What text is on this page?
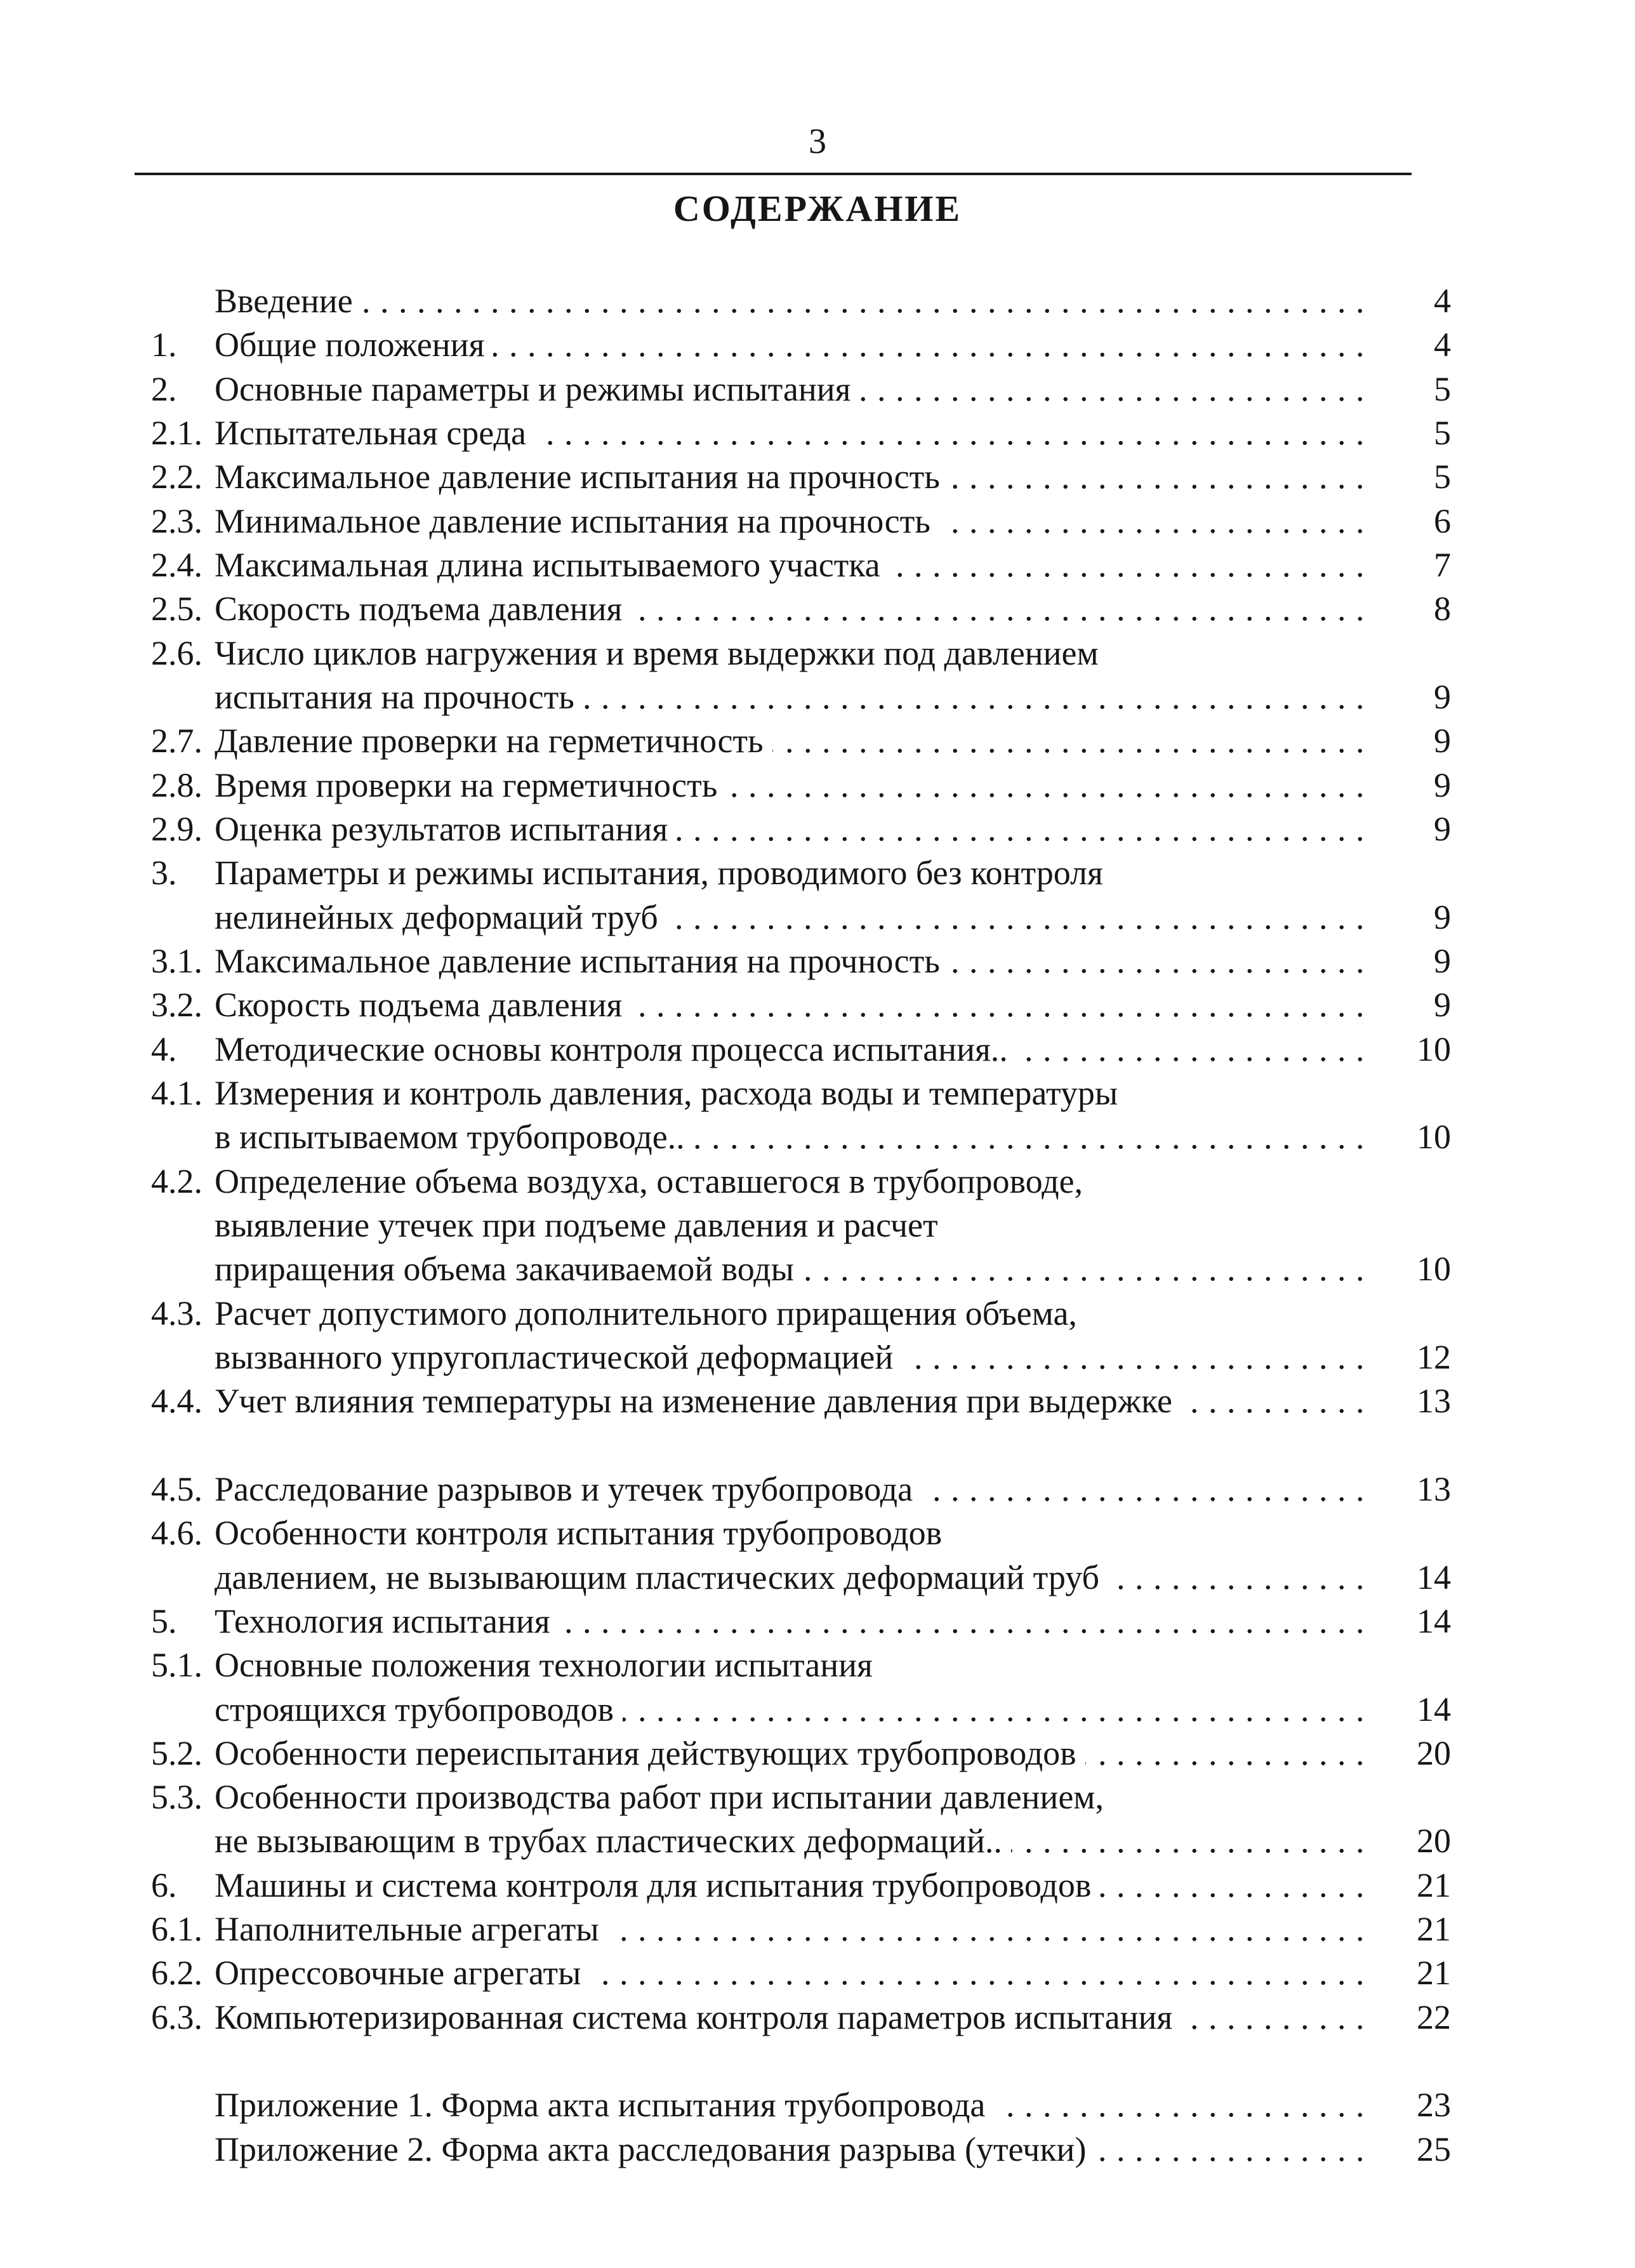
3
СОДЕРЖАНИЕ
Введение . . .	4
1. Общие положения . . .	4
2. Основные параметры и режимы испытания . . .	5
2.1. Испытательная среда . . .	5
2.2. Максимальное давление испытания на прочность . . .	5
2.3. Минимальное давление испытания на прочность . . .	6
2.4. Максимальная длина испытываемого участка . . .	7
2.5. Скорость подъема давления . . .	8
2.6. Число циклов нагружения и время выдержки под давлением
испытания на прочность . . .	9
2.7. Давление проверки на герметичность . . .	9
2.8. Время проверки на герметичность . . .	9
2.9. Оценка результатов испытания . . .	9
3. Параметры и режимы испытания, проводимого без контроля
нелинейных деформаций труб . . .	9
3.1. Максимальное давление испытания на прочность . . .	9
3.2. Скорость подъема давления . . .	9
4. Методические основы контроля процесса испытания.. . . .	10
4.1. Измерения и контроль давления, расхода воды и температуры
в испытываемом трубопроводе.. . . .	10
4.2. Определение объема воздуха, оставшегося в трубопроводе,
выявление утечек при подъеме давления и расчет
приращения объема закачиваемой воды . . .	10
4.3. Расчет допустимого дополнительного приращения объема,
вызванного упругопластической деформацией . . .	12
4.4. Учет влияния температуры на изменение давления при выдержке . . .	13
4.5. Расследование разрывов и утечек трубопровода . . .	13
4.6. Особенности контроля испытания трубопроводов
давлением, не вызывающим пластических деформаций труб . . .	14
5. Технология испытания . . .	14
5.1. Основные положения технологии испытания
строящихся трубопроводов . . .	14
5.2. Особенности переиспытания действующих трубопроводов . . .	20
5.3. Особенности производства работ при испытании давлением,
не вызывающим в трубах пластических деформаций.. . . .	20
6. Машины и система контроля для испытания трубопроводов . . .	21
6.1. Наполнительные агрегаты . . .	21
6.2. Опрессовочные агрегаты . . .	21
6.3. Компьютеризированная система контроля параметров испытания . . .	22
Приложение 1. Форма акта испытания трубопровода . . .	23
Приложение 2. Форма акта расследования разрыва (утечки) . . .	25
